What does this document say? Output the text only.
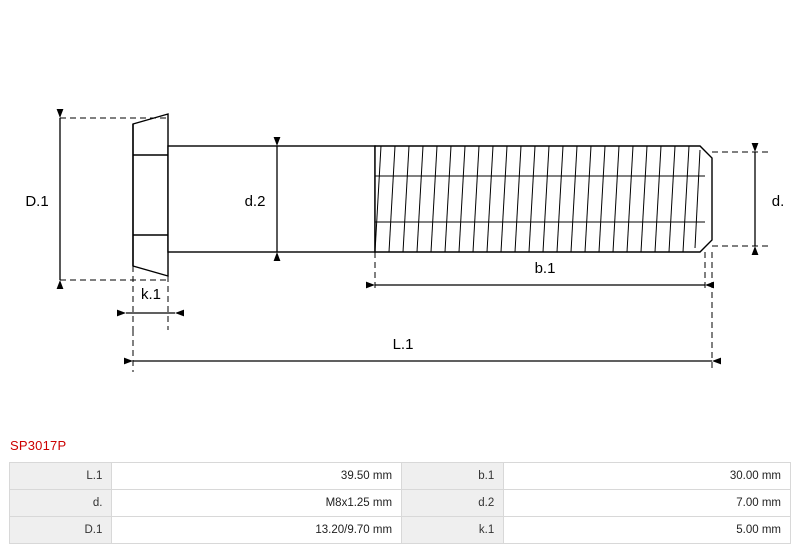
D.1	d.2	d.
k.1
b.1
L.1
SP3017P
L.1	39.50 mm	b.1	30.00 mm
d.	M8x1.25 mm	d.2	7.00 mm
D.1	13.20/9.70 mm	k.1	5.00 mm
